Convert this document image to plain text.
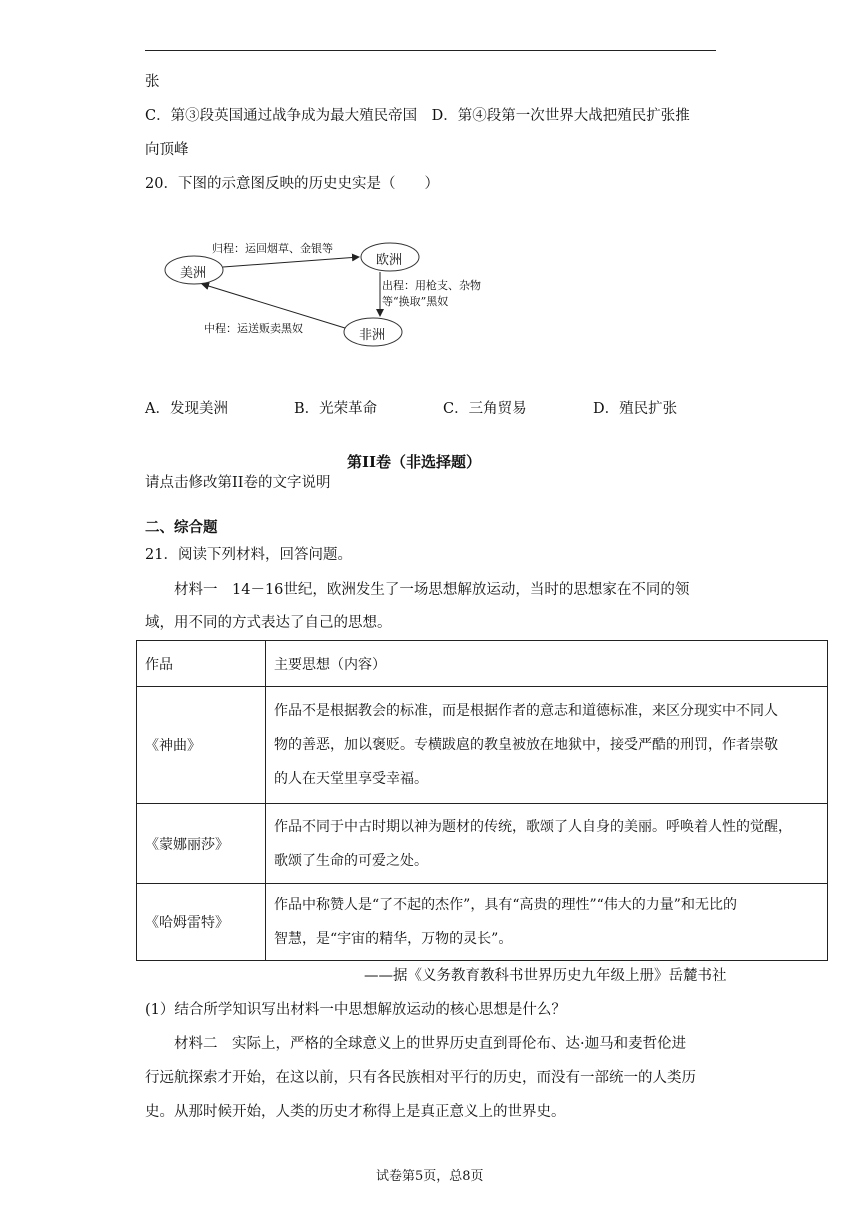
张
C．第③段英国通过战争成为最大殖民帝国　D．第④段第一次世界大战把殖民扩张推
向顶峰
20．下图的示意图反映的历史史实是（　　）
美洲
欧洲
非洲
归程：运回烟草、金银等
出程：用枪支、杂物
等“换取”黑奴
中程：运送贩卖黑奴
A．发现美洲	B．光荣革命	C．三角贸易	D．殖民扩张
第II卷（非选择题）
请点击修改第II卷的文字说明
二、综合题
21．阅读下列材料，回答问题。
材料一　14－16世纪，欧洲发生了一场思想解放运动，当时的思想家在不同的领
域，用不同的方式表达了自己的思想。
作品	主要思想（内容）
《神曲》	作品不是根据教会的标准，而是根据作者的意志和道德标准，来区分现实中不同人
物的善恶，加以褒贬。专横跋扈的教皇被放在地狱中，接受严酷的刑罚，作者崇敬
的人在天堂里享受幸福。

《蒙娜丽莎》	作品不同于中古时期以神为题材的传统，歌颂了人自身的美丽。呼唤着人性的觉醒，
歌颂了生命的可爱之处。

《哈姆雷特》	作品中称赞人是“了不起的杰作”，具有“高贵的理性”“伟大的力量”和无比的
智慧，是“宇宙的精华，万物的灵长”。
——据《义务教育教科书世界历史九年级上册》岳麓书社
(1）结合所学知识写出材料一中思想解放运动的核心思想是什么？
材料二　实际上，严格的全球意义上的世界历史直到哥伦布、达·迦马和麦哲伦进
行远航探索才开始，在这以前，只有各民族相对平行的历史，而没有一部统一的人类历
史。从那时候开始，人类的历史才称得上是真正意义上的世界史。
试卷第5页，总8页
